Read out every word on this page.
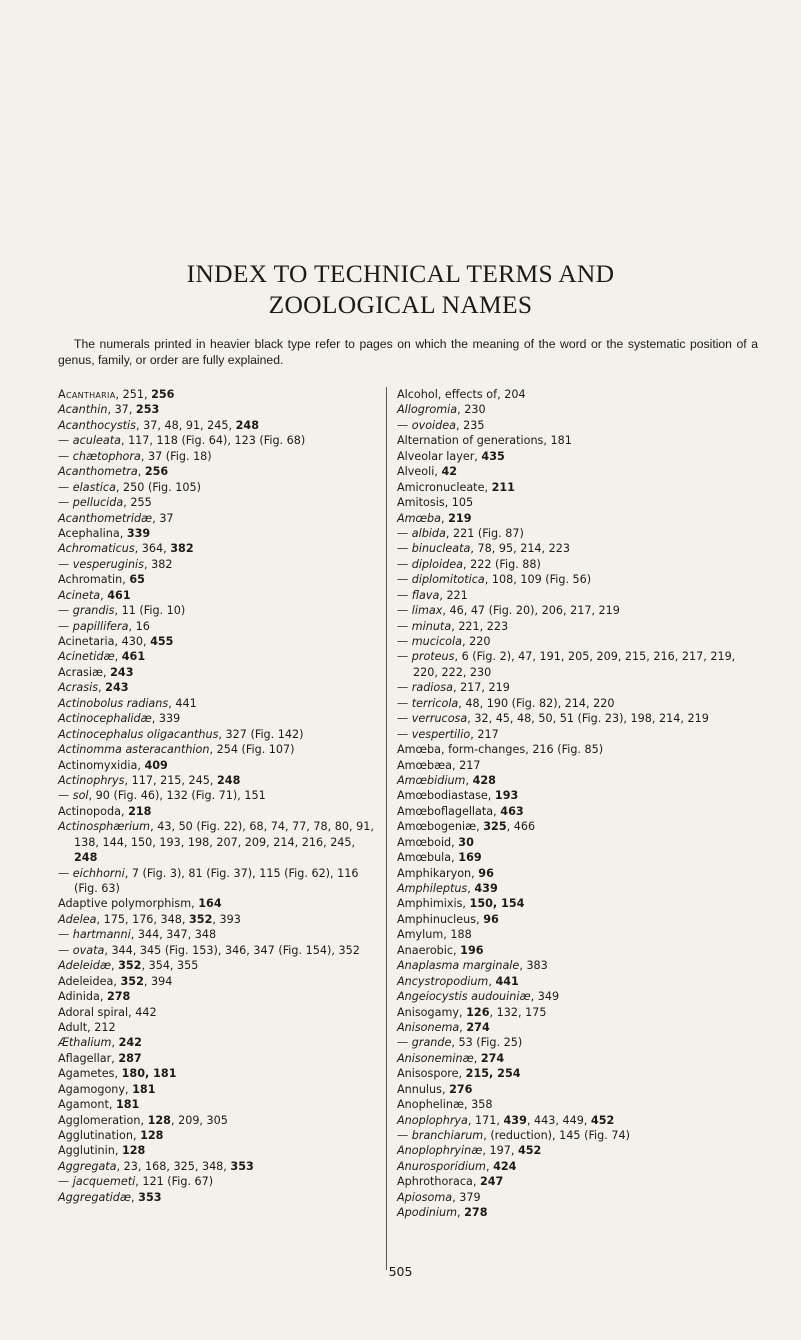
INDEX TO TECHNICAL TERMS AND
ZOOLOGICAL NAMES
The numerals printed in heavier black type refer to pages on which the meaning of the word or the systematic position of a genus, family, or order are fully explained.
Acantharia, 251, 256
Acanthin, 37, 253
Acanthocystis, 37, 48, 91, 245, 248
— aculeata, 117, 118 (Fig. 64), 123 (Fig. 68)
— chætophora, 37 (Fig. 18)
Acanthometra, 256
— elastica, 250 (Fig. 105)
— pellucida, 255
Acanthometridæ, 37
Acephalina, 339
Achromaticus, 364, 382
— vesperuginis, 382
Achromatin, 65
Acineta, 461
— grandis, 11 (Fig. 10)
— papillifera, 16
Acinetaria, 430, 455
Acinetidæ, 461
Acrasiæ, 243
Acrasis, 243
Actinobolus radians, 441
Actinocephalidæ, 339
Actinocephalus oligacanthus, 327 (Fig. 142)
Actinomma asteracanthion, 254 (Fig. 107)
Actinomyxidia, 409
Actinophrys, 117, 215, 245, 248
— sol, 90 (Fig. 46), 132 (Fig. 71), 151
Actinopoda, 218
Actinosphærium, 43, 50 (Fig. 22), 68, 74, 77, 78, 80, 91, 138, 144, 150, 193, 198, 207, 209, 214, 216, 245, 248
— eichhorni, 7 (Fig. 3), 81 (Fig. 37), 115 (Fig. 62), 116 (Fig. 63)
Adaptive polymorphism, 164
Adelea, 175, 176, 348, 352, 393
— hartmanni, 344, 347, 348
— ovata, 344, 345 (Fig. 153), 346, 347 (Fig. 154), 352
Adeleidæ, 352, 354, 355
Adeleidea, 352, 394
Adinida, 278
Adoral spiral, 442
Adult, 212
Æthalium, 242
Aflagellar, 287
Agametes, 180, 181
Agamogony, 181
Agamont, 181
Agglomeration, 128, 209, 305
Agglutination, 128
Agglutinin, 128
Aggregata, 23, 168, 325, 348, 353
— jacquemeti, 121 (Fig. 67)
Aggregatidæ, 353
Alcohol, effects of, 204
Allogromia, 230
— ovoidea, 235
Alternation of generations, 181
Alveolar layer, 435
Alveoli, 42
Amicronucleate, 211
Amitosis, 105
Amœba, 219
— albida, 221 (Fig. 87)
— binucleata, 78, 95, 214, 223
— diploidea, 222 (Fig. 88)
— diplomitotica, 108, 109 (Fig. 56)
— flava, 221
— limax, 46, 47 (Fig. 20), 206, 217, 219
— minuta, 221, 223
— mucicola, 220
— proteus, 6 (Fig. 2), 47, 191, 205, 209, 215, 216, 217, 219, 220, 222, 230
— radiosa, 217, 219
— terricola, 48, 190 (Fig. 82), 214, 220
— verrucosa, 32, 45, 48, 50, 51 (Fig. 23), 198, 214, 219
— vespertilio, 217
Amœba, form-changes, 216 (Fig. 85)
Amœbæa, 217
Amœbidium, 428
Amœbodiastase, 193
Amœboflagellata, 463
Amœbogeniæ, 325, 466
Amœboid, 30
Amœbula, 169
Amphikaryon, 96
Amphileptus, 439
Amphimixis, 150, 154
Amphinucleus, 96
Amylum, 188
Anaerobic, 196
Anaplasma marginale, 383
Ancystropodium, 441
Angeiocystis audouiniæ, 349
Anisogamy, 126, 132, 175
Anisonema, 274
— grande, 53 (Fig. 25)
Anisoneminæ, 274
Anisospore, 215, 254
Annulus, 276
Anophelinæ, 358
Anoplophrya, 171, 439, 443, 449, 452
— branchiarum, (reduction), 145 (Fig. 74)
Anoplophryinæ, 197, 452
Anurosporidium, 424
Aphrothoraca, 247
Apiosoma, 379
Apodinium, 278
505
